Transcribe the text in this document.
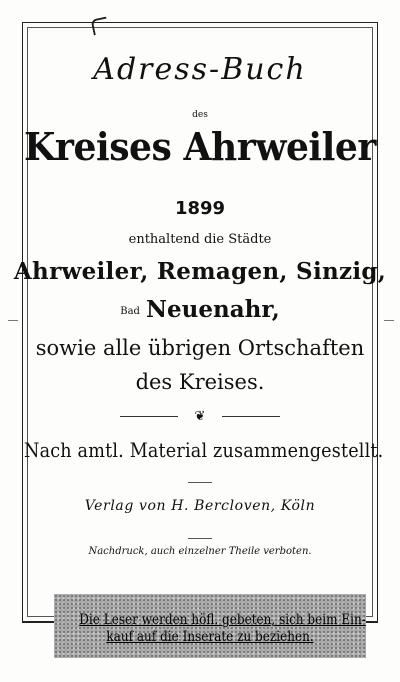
Adress-Buch
des
Kreises Ahrweiler
1899
enthaltend die Städte
Ahrweiler, Remagen, Sinzig,
Bad Neuenahr,
sowie alle übrigen Ortschaften
des Kreises.
❦
Nach amtl. Material zusammengestellt.
Verlag von H. Bercloven, Köln
Nachdruck, auch einzelner Theile verboten.
Die Leser werden höfl. gebeten, sich beim Ein-
kauf auf die Inserate zu beziehen.
